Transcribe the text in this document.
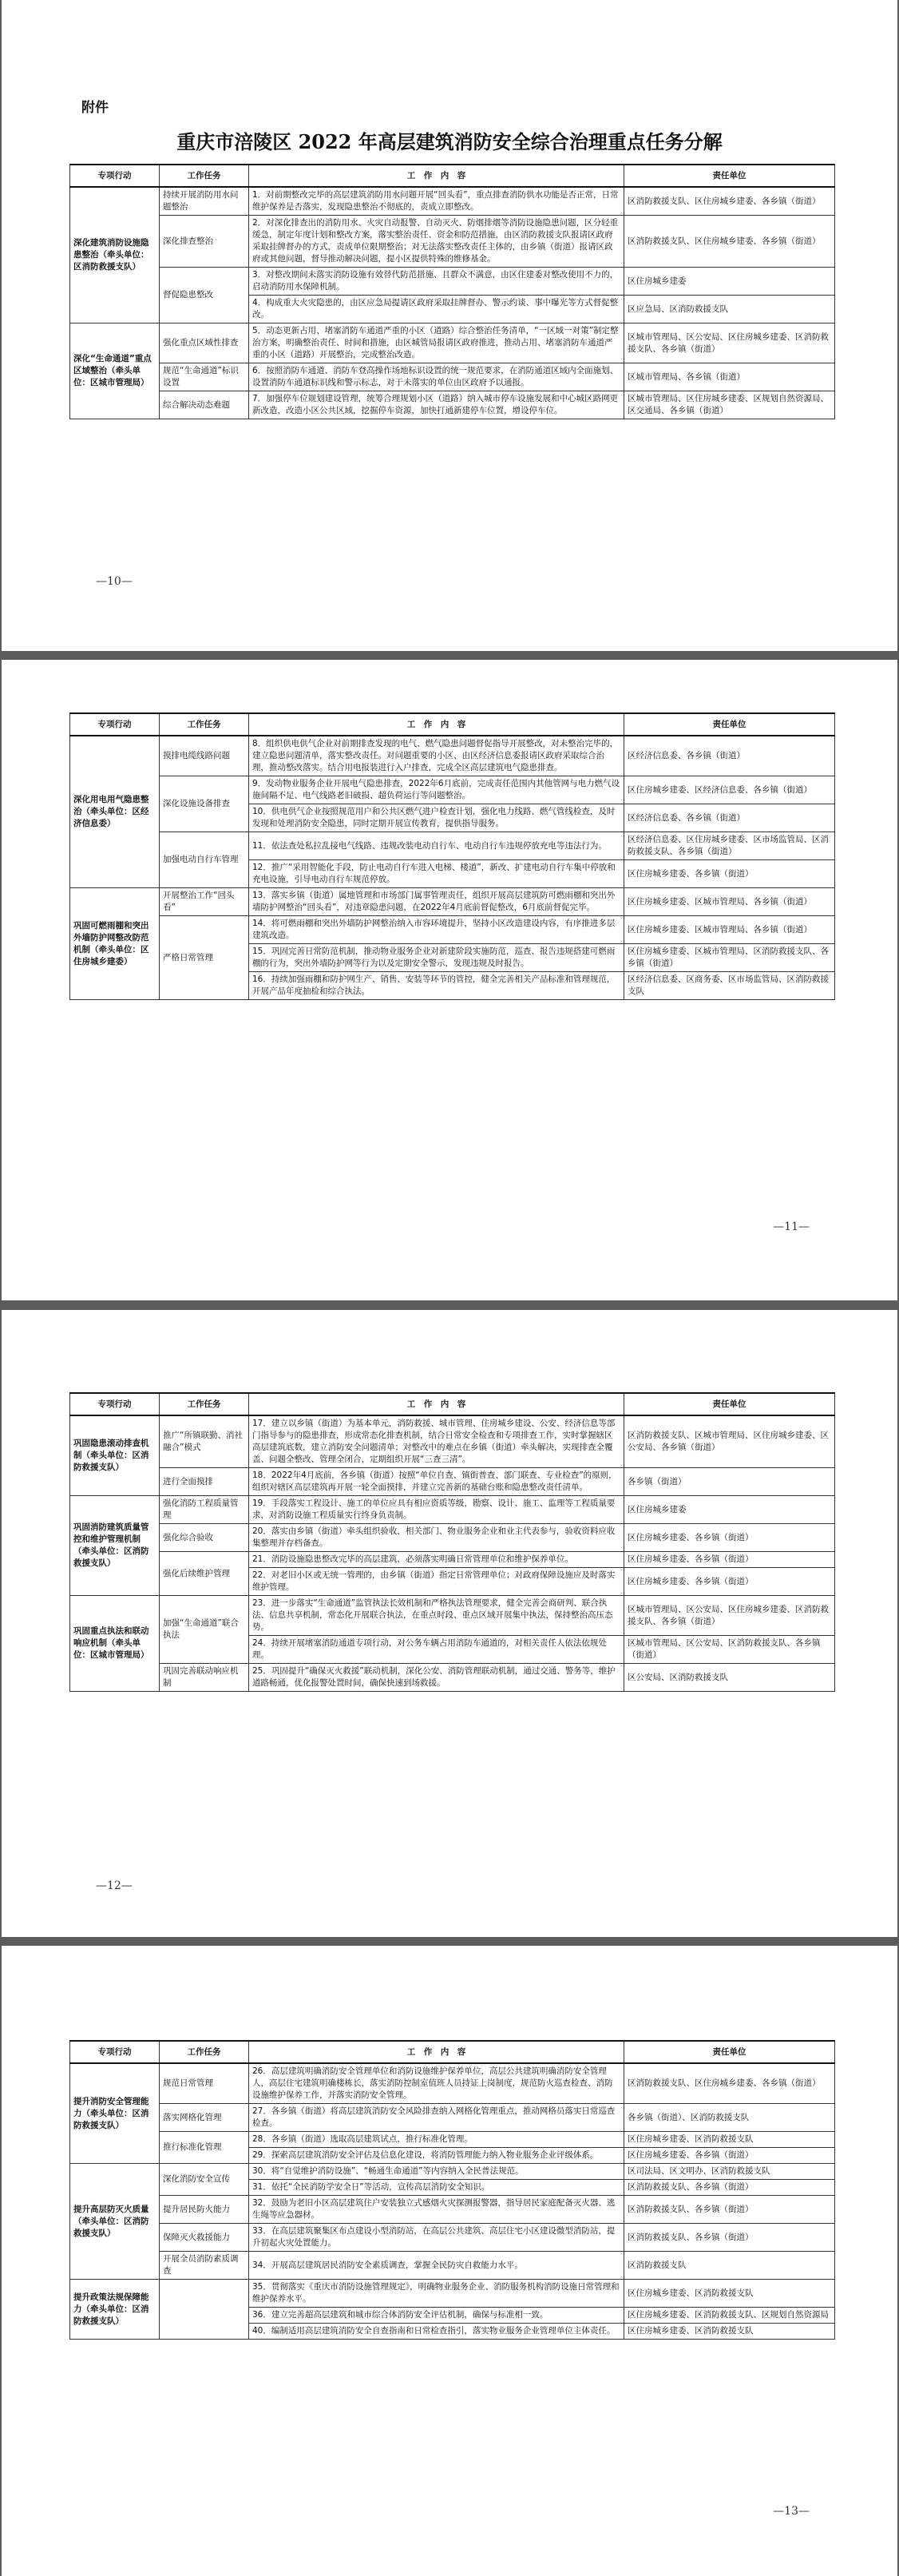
附件
重庆市涪陵区 2022 年高层建筑消防安全综合治理重点任务分解
专项行动	工作任务	工　作　内　容	责任单位
深化建筑消防设施隐患整治（牵头单位：区消防救援支队）	持续开展消防用水问题整治	1．对前期整改完毕的高层建筑消防用水问题开展“回头看”，重点排查消防供水功能是否正常，日常维护保养是否落实，发现隐患整治不彻底的，责成立即整改。	区消防救援支队、区住房城乡建委、各乡镇（街道）
	深化排查整治	2．对深化排查出的消防用水、火灾自动报警、自动灭火、防烟排烟等消防设施隐患问题，区分轻重缓急，制定年度计划和整改方案，落实整治责任、资金和防范措施，由区消防救援支队报请区政府采取挂牌督办的方式，责成单位限期整治；对无法落实整改责任主体的，由乡镇（街道）报请区政府或其他问题，督导推动解决问题，提小区提供特殊的维修基金。	区消防救援支队、区住房城乡建委、各乡镇（街道）
	督促隐患整改	3．对整改期间未落实消防设施有效替代防范措施、且群众不满意，由区住建委对整改使用不力的，启动消防用水保障机制。	区住房城乡建委
		4．构成重大火灾隐患的，由区应急局提请区政府采取挂牌督办、警示约谈、事中曝光等方式督促整改。	区应急局、区消防救援支队
深化“生命通道”重点区域整治（牵头单位：区城市管理局）	强化重点区域性排查	5．动态更新占用、堵塞消防车通道严重的小区（道路）综合整治任务清单，“一区域一对策”制定整治方案，明确整治责任、时间和措施，由区城管局报请区政府推进，推动占用、堵塞消防车通道严重的小区（道路）开展整治，完成整治改造。	区城市管理局、区公安局、区住房城乡建委、区消防救援支队、各乡镇（街道）
	规范“生命通道”标识设置	6．按照消防车通道、消防车登高操作场地标识设置的统一规范要求，在消防通道区域内全面施划、设置消防车通道标识线和警示标志，对于未落实的单位由区政府予以通报。	区城市管理局、各乡镇（街道）
	综合解决动态难题	7．加强停车位规划建设管理，统筹合理规划小区（道路）纳入城市停车设施发展和中心城区路网更新改造，改造小区公共区域，挖掘停车资源，加快打通新建停车位置，增设停车位。	区城市管理局、区住房城乡建委、区规划自然资源局、区交通局、各乡镇（街道）
—10—
专项行动	工作任务	工　作　内　容	责任单位
深化用电用气隐患整治（牵头单位：区经济信息委）	摸排电缆线路问题	8．组织供电供气企业对前期排查发现的电气、燃气隐患问题督促指导开展整改，对未整治完毕的，建立隐患问题清单，落实整改责任。对问题重要的小区、由区经济信息委报请区政府采取综合治理，推动整改落实。结合用电报装进行入户排查，完成全区高层建筑电气隐患排查。	区经济信息委、各乡镇（街道）
	深化设施设备排查	9．发动物业服务企业开展电气隐患排查，2022年6月底前，完成责任范围内其他管网与电力燃气设施间隔不足、电气线路老旧破损、超负荷运行等问题整治。	区住房城乡建委、区经济信息委、各乡镇（街道）
		10．供电供气企业按照规范用户和公共区燃气进户检查计划，强化电力线路、燃气管线检查，及时发现和处理消防安全隐患，同时定期开展宣传教育，提供指导服务。	区经济信息委、各乡镇（街道）
	加强电动自行车管理	11．依法查处私拉乱接电气线路、违规改装电动自行车、电动自行车违规停放充电等违法行为。	区经济信息委、区住房城乡建委、区市场监管局、区消防救援支队、各乡镇（街道）
		12．推广“采用智能化手段，防止电动自行车进入电梯、楼道”，新改、扩建电动自行车集中停放和充电设施，引导电动自行车规范停放。	区住房城乡建委、各乡镇（街道）
巩固可燃雨棚和突出外墙防护网整改防范机制（牵头单位：区住房城乡建委）	开展整治工作“回头看”	13．落实乡镇（街道）属地管理和市场部门属事管理责任，组织开展高层建筑防可燃雨棚和突出外墙防护网整治“回头看”，对违章隐患问题，在2022年4月底前督促整改，6月底前督促完毕。	区住房城乡建委、区城市管理局、各乡镇（街道）
	严格日常管理	14．将可燃雨棚和突出外墙防护网整治纳入市容环境提升，坚持小区改造建设内容，有序推进多层建筑改造。	区住房城乡建委、区城市管理局、各乡镇（街道）
		15．巩固完善日常防范机制，推动物业服务企业对新建阶段实施防范，巡查、报告违规搭建可燃雨棚的行为，突出外墙防护网等行为以及定期安全警示，发现违规及时报告。	区住房城乡建委、区城市管理局、区消防救援支队、各乡镇（街道）
		16．持续加强雨棚和防护网生产、销售、安装等环节的管控，健全完善相关产品标准和管理规范，开展产品年度抽检和综合执法。	区经济信息委、区商务委、区市场监管局、区消防救援支队
—11—
专项行动	工作任务	工　作　内　容	责任单位
巩固隐患滚动排查机制（牵头单位：区消防救援支队）	推广“所镇联勤、消社融合”模式	17．建立以乡镇（街道）为基本单元，消防救援、城市管理、住房城乡建设、公安、经济信息等部门指导参与的隐患排查，形成常态化排查机制，结合日常安全检查和专项排查工作，实时掌握辖区高层建筑底数，建立消防安全问题清单；对整改中的难点在乡镇（街道）牵头解决，实现排查全覆盖、问题全整改、管理全闭合，定期组织开展“三查三清”。	区消防救援支队、区城市管理局、区住房城乡建委、区公安局、各乡镇（街道）
	进行全面摸排	18．2022年4月底前，各乡镇（街道）按照“单位自查、镇街普查、部门联查、专业检查”的原则，组织对辖区高层建筑再开展一轮全面摸排，并建立完善新的基础台账和隐患整改责任清单。	各乡镇（街道）
巩固消防建筑质量管控和维护管理机制（牵头单位：区消防救援支队）	强化消防工程质量管理	19．手段落实工程设计、施工的单位应具有相应资质等级，勘察、设计、施工、监理等工程质量要求，对消防设施工程质量实行终身负责制。	区住房城乡建委
	强化综合验收	20．落实由乡镇（街道）牵头组织验收，相关部门、物业服务企业和业主代表参与，验收资料应收集整理并存档备查。	区住房城乡建委、各乡镇（街道）
	强化后续维护管理	21．消防设施隐患整改完毕的高层建筑，必须落实明确日常管理单位和维护保养单位。	区住房城乡建委、各乡镇（街道）
		22．对老旧小区或无统一管理的，由乡镇（街道）指定日常管理单位；对政府保障设施应及时落实维护管理。	区住房城乡建委、各乡镇（街道）
巩固重点执法和联动响应机制（牵头单位：区城市管理局）	加强“生命通道”联合执法	23．进一步落实“生命通道”监管执法长效机制和严格执法管理要求，健全完善会商研判、联合执法、信息共享机制，常态化开展联合执法，在重点时段、重点区域开展集中执法，保持整治高压态势。	区城市管理局、区公安局、区住房城乡建委、区消防救援支队、各乡镇（街道）
		24．持续开展堵塞消防通道专项行动，对公务车辆占用消防车通道的，对相关责任人依法依规处理。	区城市管理局、区公安局、区消防救援支队、各乡镇（街道）
	巩固完善联动响应机制	25．巩固提升“确保灭火救援”联动机制，深化公安、消防管理联动机制，通过交通、警务等，维护道路畅通，优化报警处置时间，确保快速到场救援。	区公安局、区消防救援支队
—12—
专项行动	工作任务	工　作　内　容	责任单位
提升消防安全管理能力（牵头单位：区消防救援支队）	规范日常管理	26．高层建筑明确消防安全管理单位和消防设施维护保养单位，高层公共建筑明确消防安全管理人，高层住宅建筑明确楼栋长，落实消防控制室值班人员持证上岗制度，规范防火巡查检查、消防设施维护保养工作，并落实消防安全管理。	区消防救援支队、区住房城乡建委、各乡镇（街道）
	落实网格化管理	27．各乡镇（街道）将高层建筑消防安全风险排查纳入网格化管理重点，推动网格员落实日常巡查检查。	各乡镇（街道）、区消防救援支队
	推行标准化管理	28．各乡镇（街道）选取高层建筑试点，推行标准化管理。	区住房城乡建委、区消防救援支队
		29．探索高层建筑消防安全评估及信息化建设，将消防管理能力纳入物业服务企业评级体系。	区住房城乡建委、各乡镇（街道）
提升高层防灭火质量（牵头单位：区消防救援支队）	深化消防安全宣传	30．将“自觉维护消防设施”、“畅通生命通道”等内容纳入全民普法规范。	区司法局、区文明办、区消防救援支队
		31．依托“全民消防学安全日”等活动，宣传高层消防安全知识。	区消防救援支队、各乡镇（街道）
	提升居民防火能力	32．鼓励为老旧小区高层建筑住户安装独立式感烟火灾探测报警器，指导居民家庭配备灭火器、逃生绳等应急器材。	区消防救援支队、各乡镇（街道）
	保障灭火救援能力	33．在高层建筑聚集区布点建设小型消防站，在高层公共建筑、高层住宅小区建设微型消防站，提升初起火灾处置能力。	区消防救援支队、各乡镇（街道）
	开展全员消防素质调查	34．开展高层建筑居民消防安全素质调查，掌握全民防灾自救能力水平。	区消防救援支队
提升政策法规保障能力（牵头单位：区消防救援支队）		35．贯彻落实《重庆市消防设施管理规定》，明确物业服务企业、消防服务机构消防设施日常管理和维护保养水平。	区住房城乡建委、区消防救援支队
		36．建立完善超高层建筑和城市综合体消防安全评估机制，确保与标准相一致。	区住房城乡建委、区消防救援支队、区规划自然资源局
		40．编制适用高层建筑消防安全自查指南和日常检查指引，落实物业服务企业管理单位主体责任。	区住房城乡建委、区消防救援支队
—13—
